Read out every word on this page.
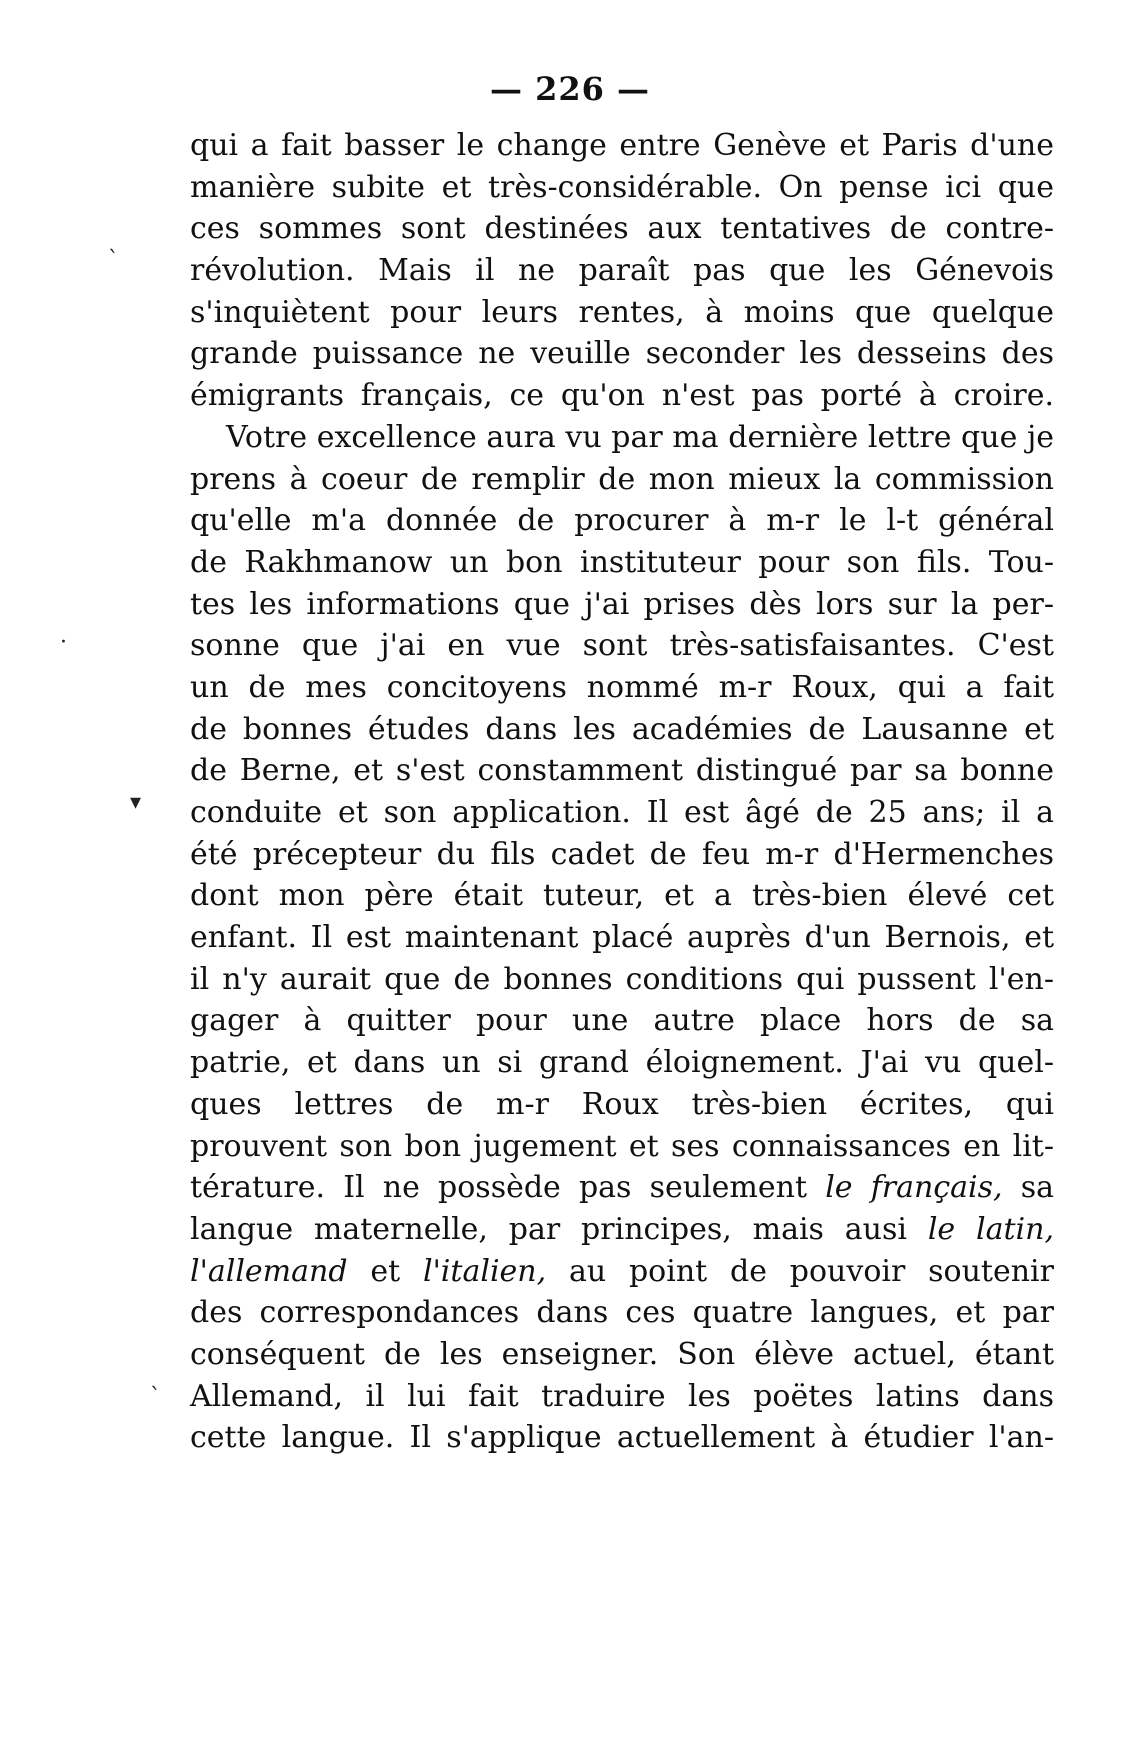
— 226 —
qui a fait basser le change entre Genève et Paris d'une
manière subite et très-considérable. On pense ici que
ces sommes sont destinées aux tentatives de contre-
révolution. Mais il ne paraît pas que les Génevois
s'inquiètent pour leurs rentes, à moins que quelque
grande puissance ne veuille seconder les desseins des
émigrants français, ce qu'on n'est pas porté à croire.
Votre excellence aura vu par ma dernière lettre que je
prens à coeur de remplir de mon mieux la commission
qu'elle m'a donnée de procurer à m-r le l-t général
de Rakhmanow un bon instituteur pour son fils. Tou-
tes les informations que j'ai prises dès lors sur la per-
sonne que j'ai en vue sont très-satisfaisantes. C'est
un de mes concitoyens nommé m-r Roux, qui a fait
de bonnes études dans les académies de Lausanne et
de Berne, et s'est constamment distingué par sa bonne
conduite et son application. Il est âgé de 25 ans; il a
été précepteur du fils cadet de feu m-r d'Hermenches
dont mon père était tuteur, et a très-bien élevé cet
enfant. Il est maintenant placé auprès d'un Bernois, et
il n'y aurait que de bonnes conditions qui pussent l'en-
gager à quitter pour une autre place hors de sa
patrie, et dans un si grand éloignement. J'ai vu quel-
ques lettres de m-r Roux très-bien écrites, qui
prouvent son bon jugement et ses connaissances en lit-
térature. Il ne possède pas seulement le français, sa
langue maternelle, par principes, mais ausi le latin,
l'allemand et l'italien, au point de pouvoir soutenir
des correspondances dans ces quatre langues, et par
conséquent de les enseigner. Son élève actuel, étant
Allemand, il lui fait traduire les poëtes latins dans
cette langue. Il s'applique actuellement à étudier l'an-
ˋ
▾
·
ˋ
